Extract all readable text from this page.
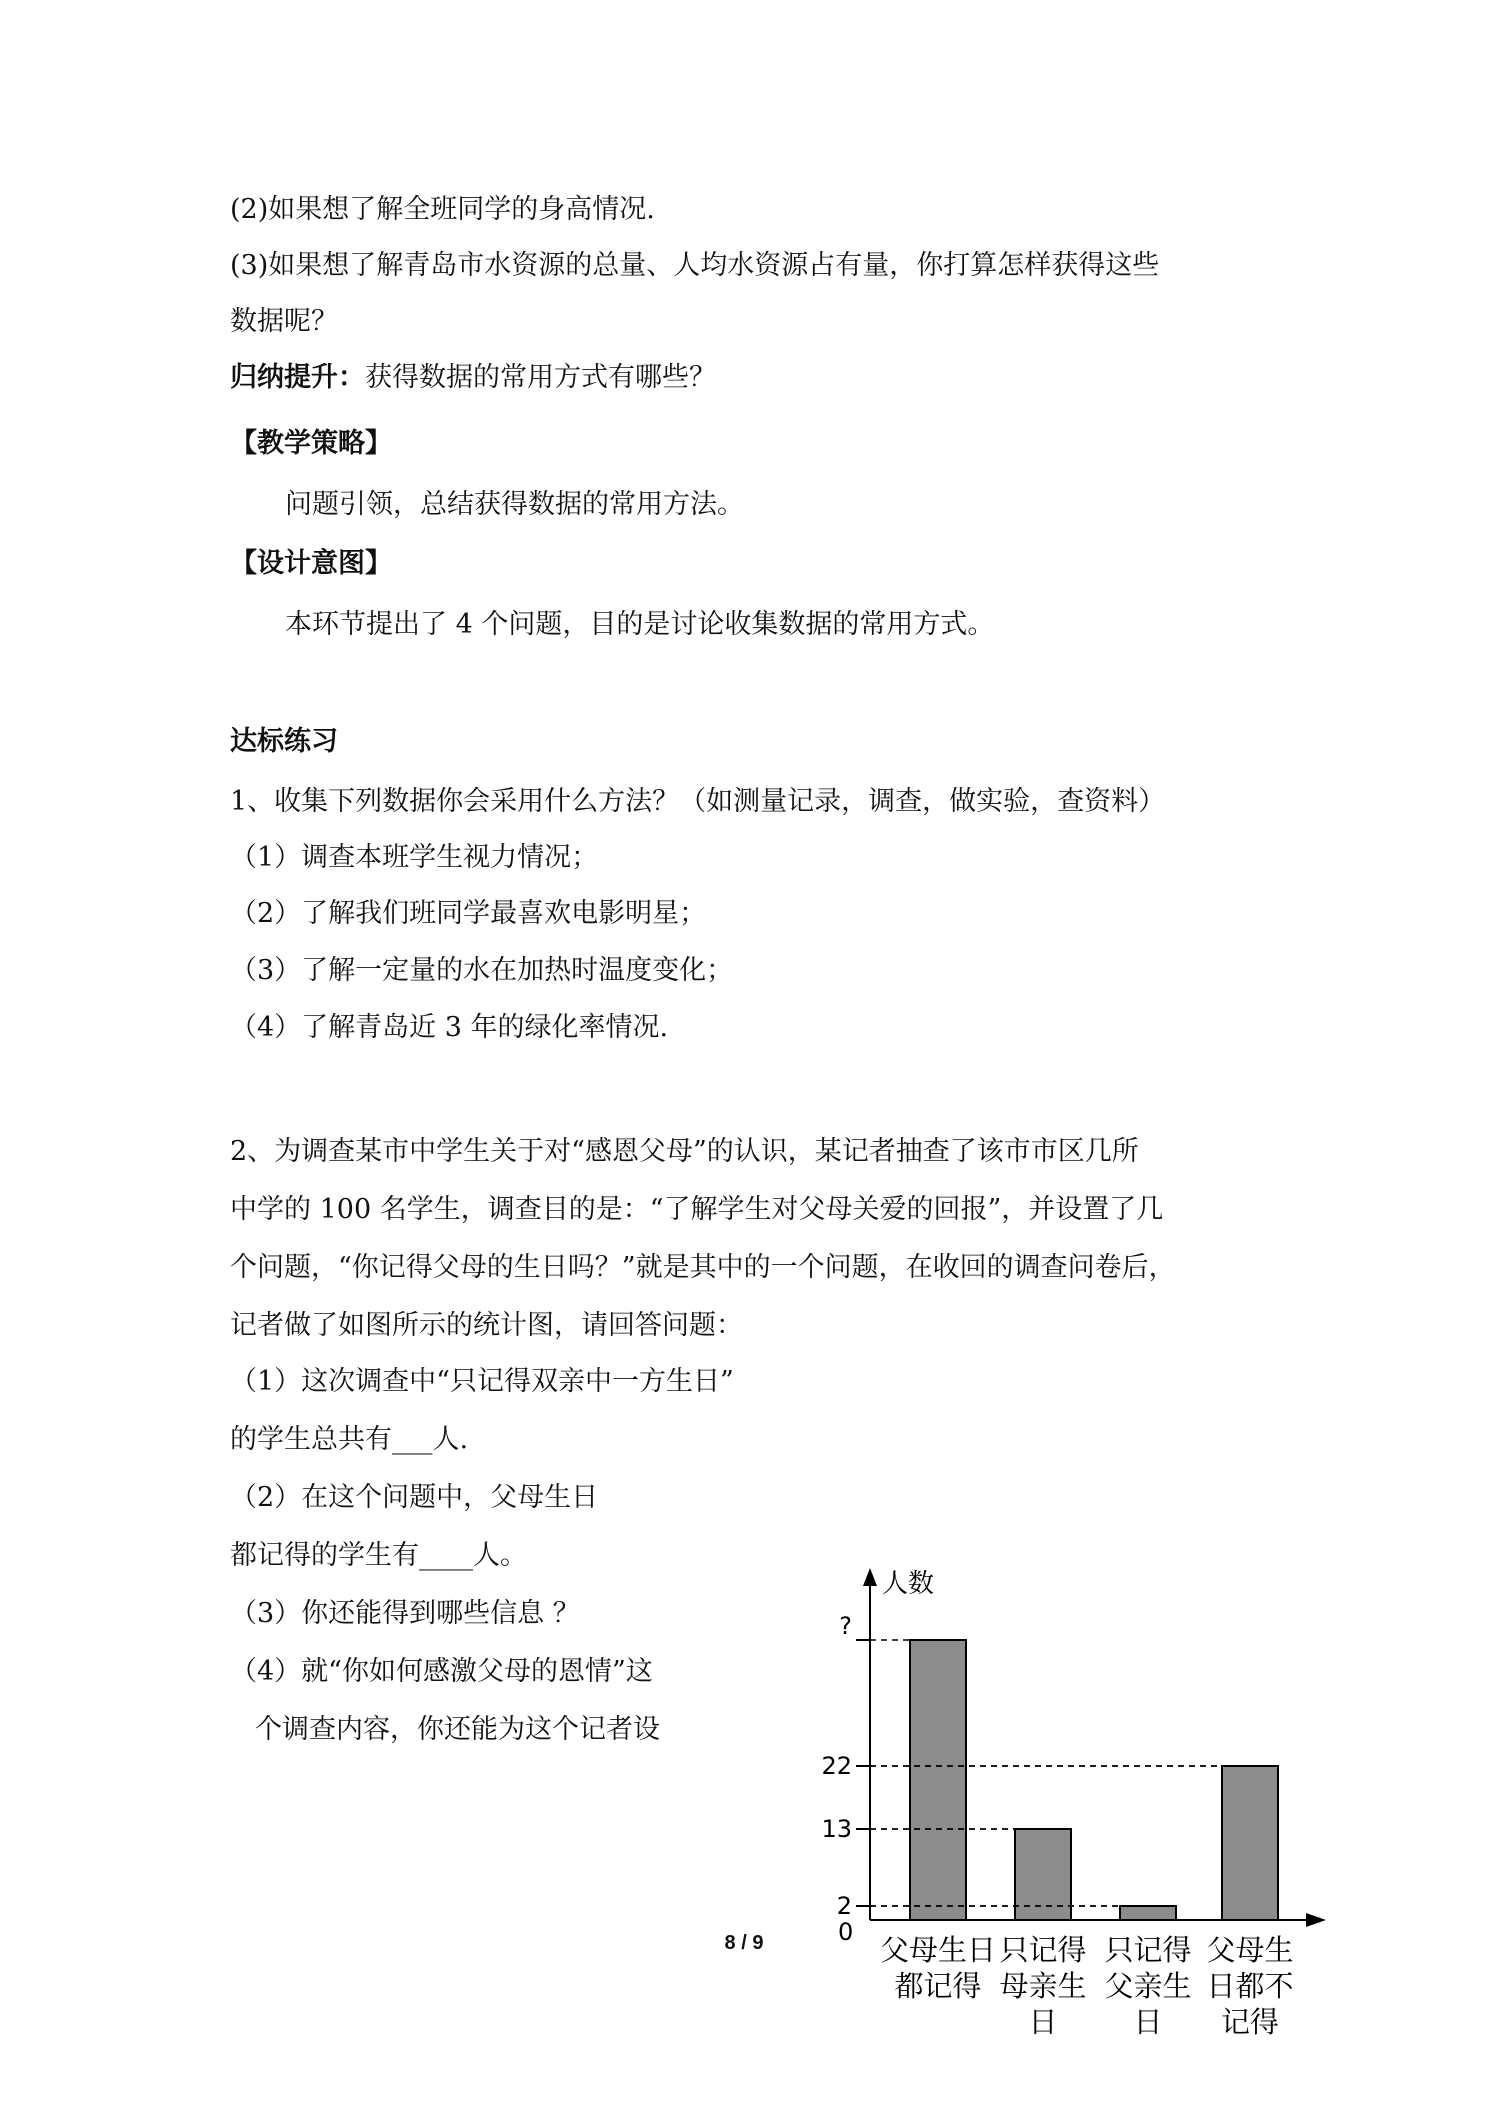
(2)如果想了解全班同学的身高情况.
(3)如果想了解青岛市水资源的总量、人均水资源占有量，你打算怎样获得这些
数据呢？
归纳提升：获得数据的常用方式有哪些？
【教学策略】
问题引领，总结获得数据的常用方法。
【设计意图】
本环节提出了 4 个问题，目的是讨论收集数据的常用方式。
达标练习
1、收集下列数据你会采用什么方法？（如测量记录，调查，做实验，查资料）
（1）调查本班学生视力情况；
（2）了解我们班同学最喜欢电影明星；
（3）了解一定量的水在加热时温度变化；
（4）了解青岛近 3 年的绿化率情况.
2、为调查某市中学生关于对“感恩父母”的认识，某记者抽查了该市市区几所
中学的 100 名学生，调查目的是：“了解学生对父母关爱的回报”，并设置了几
个问题，“你记得父母的生日吗？”就是其中的一个问题，在收回的调查问卷后，
记者做了如图所示的统计图，请回答问题：
（1）这次调查中“只记得双亲中一方生日”
的学生总共有___人.
（2）在这个问题中，父母生日
都记得的学生有____人。
（3）你还能得到哪些信息 ？
（4）就“你如何感激父母的恩情”这
个调查内容，你还能为这个记者设
人数
0
?
父母生日
都记得
13
只记得
母亲生
日
2
只记得
父亲生
日
22
父母生
日都不
记得
8 / 9
